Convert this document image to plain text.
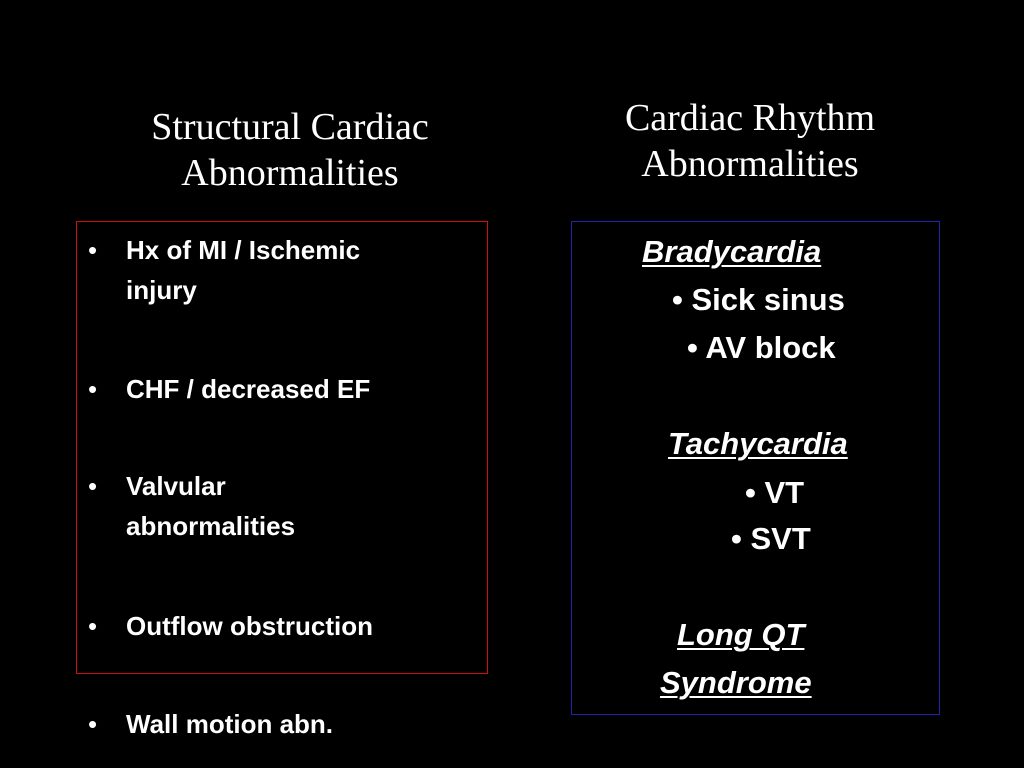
Structural Cardiac
Abnormalities
Cardiac Rhythm
Abnormalities
• Hx of MI / Ischemic
injury
• CHF / decreased EF
• Valvular
abnormalities
• Outflow obstruction
• Wall motion abn.
Bradycardia
• Sick sinus
• AV block
Tachycardia
• VT
• SVT
Long QT
Syndrome
